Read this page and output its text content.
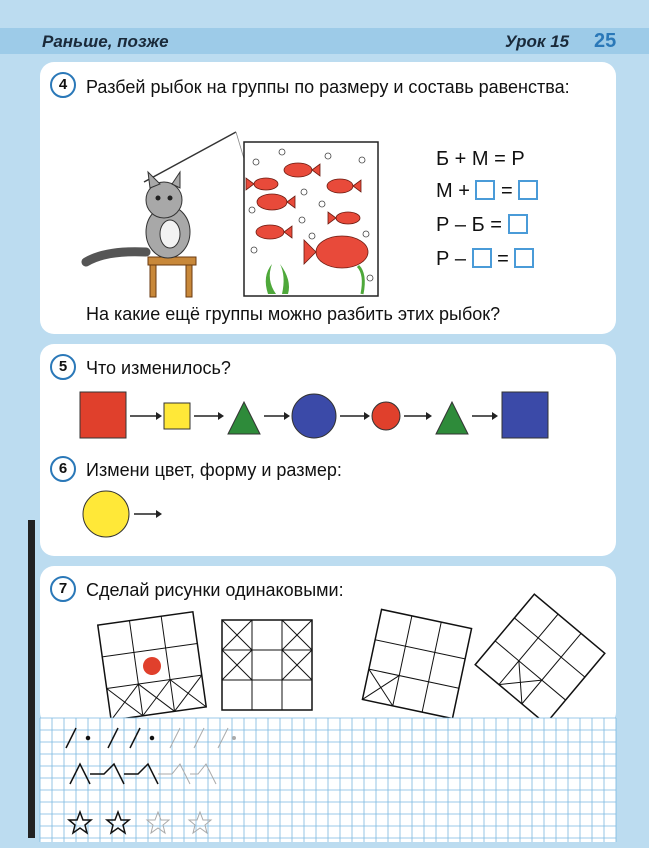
Раньше, позже	Урок 15 25
4	Разбей рыбок на группы по размеру и составь равенства:
Б + М = Р
М + =
Р – Б =
Р – =
На какие ещё группы можно разбить этих рыбок?
5	Что изменилось?
6	Измени цвет, форму и размер:
7	Сделай рисунки одинаковыми:
